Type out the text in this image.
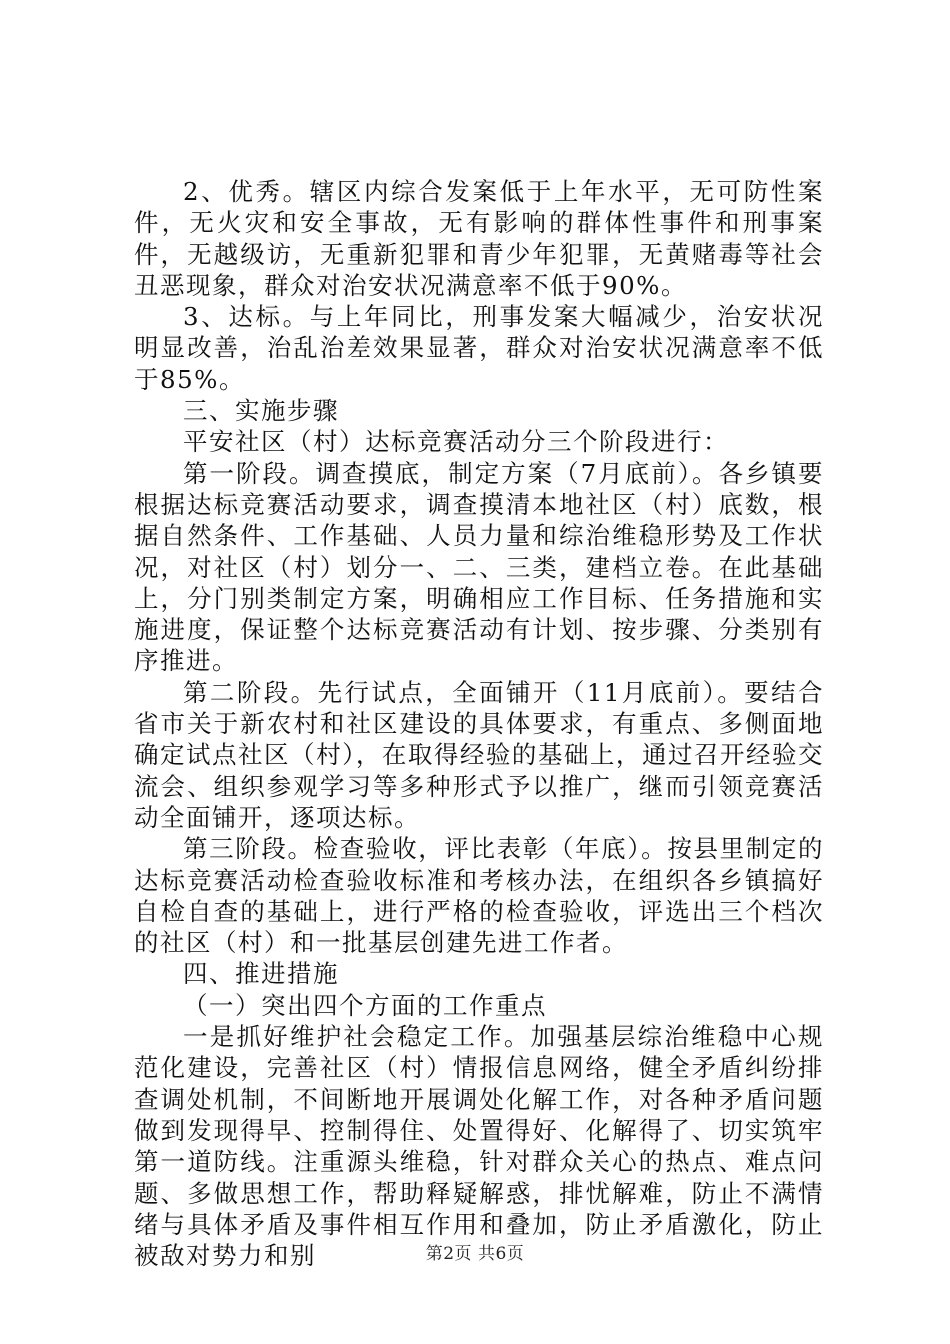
2、优秀。辖区内综合发案低于上年水平，无可防性案件，无火灾和安全事故，无有影响的群体性事件和刑事案件，无越级访，无重新犯罪和青少年犯罪，无黄赌毒等社会丑恶现象，群众对治安状况满意率不低于90%。

3、达标。与上年同比，刑事发案大幅减少，治安状况明显改善，治乱治差效果显著，群众对治安状况满意率不低于85%。

三、实施步骤

平安社区（村）达标竞赛活动分三个阶段进行：

第一阶段。调查摸底，制定方案（7月底前）。各乡镇要根据达标竞赛活动要求，调查摸清本地社区（村）底数，根据自然条件、工作基础、人员力量和综治维稳形势及工作状况，对社区（村）划分一、二、三类，建档立卷。在此基础上，分门别类制定方案，明确相应工作目标、任务措施和实施进度，保证整个达标竞赛活动有计划、按步骤、分类别有序推进。

第二阶段。先行试点，全面铺开（11月底前）。要结合省市关于新农村和社区建设的具体要求，有重点、多侧面地确定试点社区（村），在取得经验的基础上，通过召开经验交流会、组织参观学习等多种形式予以推广，继而引领竞赛活动全面铺开，逐项达标。

第三阶段。检查验收，评比表彰（年底）。按县里制定的达标竞赛活动检查验收标准和考核办法，在组织各乡镇搞好自检自查的基础上，进行严格的检查验收，评选出三个档次的社区（村）和一批基层创建先进工作者。

四、推进措施

（一）突出四个方面的工作重点

一是抓好维护社会稳定工作。加强基层综治维稳中心规范化建设，完善社区（村）情报信息网络，健全矛盾纠纷排查调处机制，不间断地开展调处化解工作，对各种矛盾问题做到发现得早、控制得住、处置得好、化解得了、切实筑牢第一道防线。注重源头维稳，针对群众关心的热点、难点问题、多做思想工作，帮助释疑解惑，排忧解难，防止不满情绪与具体矛盾及事件相互作用和叠加，防止矛盾激化，防止被敌对势力和别	第2页 共6页
